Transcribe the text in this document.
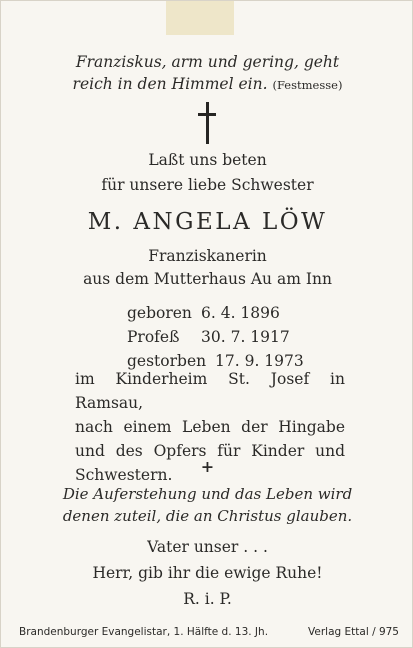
Franziskus, arm und gering, geht
reich in den Himmel ein. (Festmesse)
Laßt uns beten
für unsere liebe Schwester
M. ANGELA LÖW
Franziskanerin
aus dem Mutterhaus Au am Inn
geboren 6. 4. 1896
Profeß 30. 7. 1917
gestorben 17. 9. 1973
im Kinderheim St. Josef in Ramsau,
nach einem Leben der Hingabe
und des Opfers für Kinder und
Schwestern.	+
Die Auferstehung und das Leben wird
denen zuteil, die an Christus glauben.
Vater unser . . .
Herr, gib ihr die ewige Ruhe!
R. i. P.
Brandenburger Evangelistar, 1. Hälfte d. 13. Jh.	Verlag Ettal / 975
